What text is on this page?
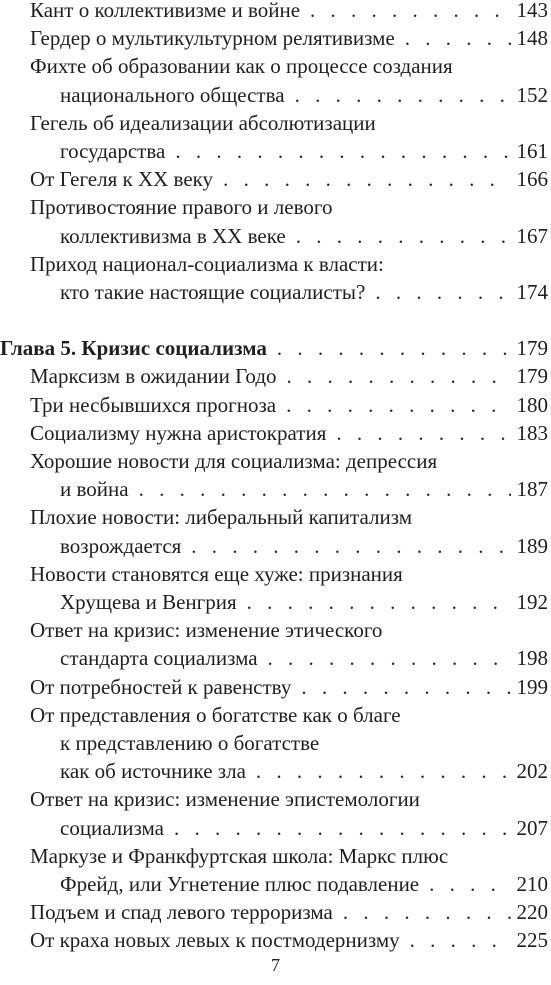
Кант о коллективизме и войне . . .	143
Гердер о мультикультурном релятивизме . . .	148
Фихте об образовании как о процессе создания
национального общества . . .	152
Гегель об идеализации абсолютизации
государства . . .	161
От Гегеля к XX веку . . .	166
Противостояние правого и левого
коллективизма в XX веке . . .	167
Приход национал-социализма к власти:
кто такие настоящие социалисты? . . .	174
Глава 5. Кризис социализма . . .	179
Марксизм в ожидании Годо . . .	179
Три несбывшихся прогноза . . .	180
Социализму нужна аристократия . . .	183
Хорошие новости для социализма: депрессия
и война . . .	187
Плохие новости: либеральный капитализм
возрождается . . .	189
Новости становятся еще хуже: признания
Хрущева и Венгрия . . .	192
Ответ на кризис: изменение этического
стандарта социализма . . .	198
От потребностей к равенству . . .	199
От представления о богатстве как о благе
к представлению о богатстве
как об источнике зла . . .	202
Ответ на кризис: изменение эпистемологии
социализма . . .	207
Маркузе и Франкфуртская школа: Маркс плюс
Фрейд, или Угнетение плюс подавление . . .	210
Подъем и спад левого терроризма . . .	220
От краха новых левых к постмодернизму . . .	225
7
